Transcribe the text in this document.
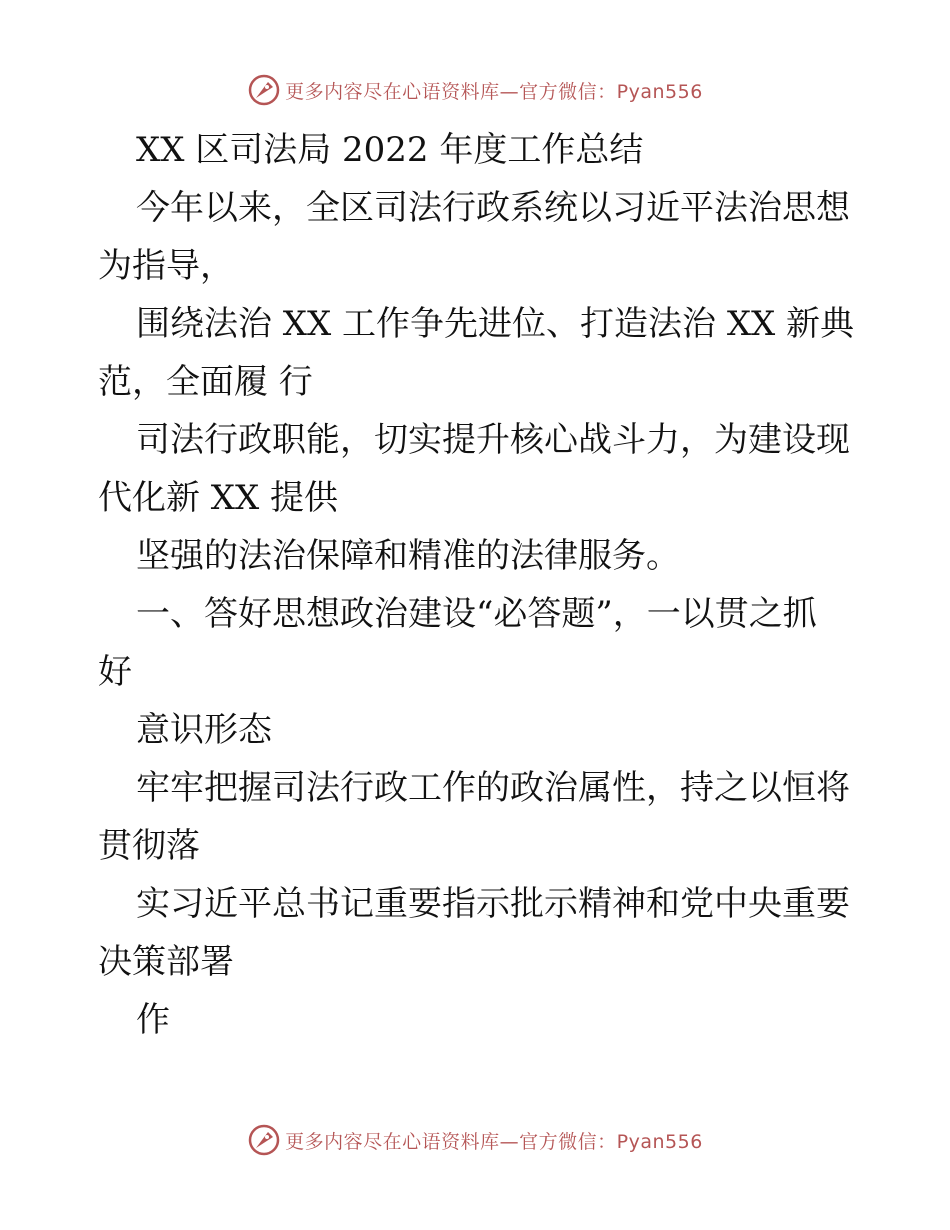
更多内容尽在心语资料库—官方微信：Pyan556
XX 区司法局 2022 年度工作总结
今年以来，全区司法行政系统以习近平法治思想
为指导，
围绕法治 XX 工作争先进位、打造法治 XX 新典
范，全面履 行
司法行政职能，切实提升核心战斗力，为建设现
代化新 XX 提供
坚强的法治保障和精准的法律服务。
一、答好思想政治建设“必答题”，一以贯之抓
好
意识形态
牢牢把握司法行政工作的政治属性，持之以恒将
贯彻落
实习近平总书记重要指示批示精神和党中央重要
决策部署
作
更多内容尽在心语资料库—官方微信：Pyan556
